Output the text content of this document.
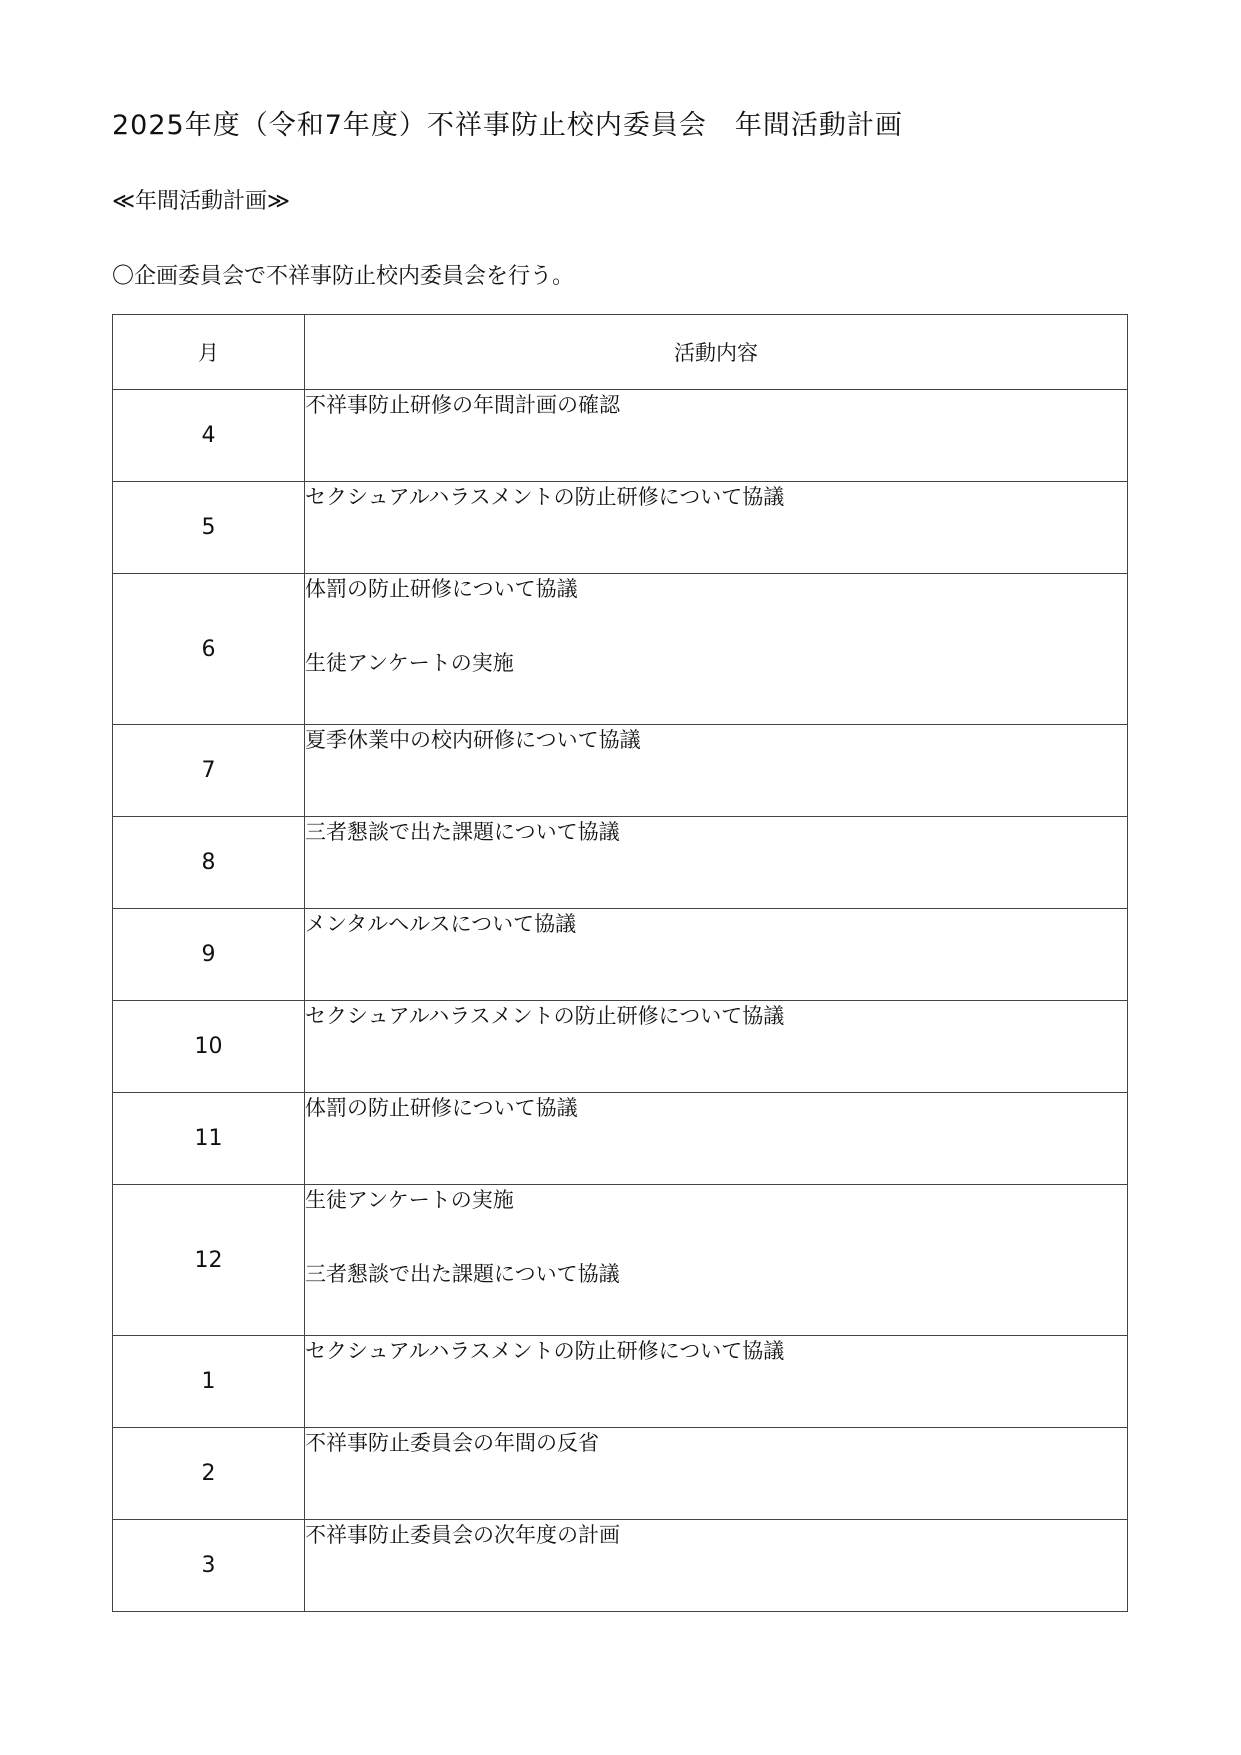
2025年度（令和7年度）不祥事防止校内委員会　年間活動計画
≪年間活動計画≫
〇企画委員会で不祥事防止校内委員会を行う。
月	活動内容
4	不祥事防止研修の年間計画の確認

5	セクシュアルハラスメントの防止研修について協議

6	体罰の防止研修について協議
生徒アンケートの実施

7	夏季休業中の校内研修について協議

8	三者懇談で出た課題について協議

9	メンタルヘルスについて協議

10	セクシュアルハラスメントの防止研修について協議

11	体罰の防止研修について協議

12	生徒アンケートの実施
三者懇談で出た課題について協議

1	セクシュアルハラスメントの防止研修について協議

2	不祥事防止委員会の年間の反省

3	不祥事防止委員会の次年度の計画
